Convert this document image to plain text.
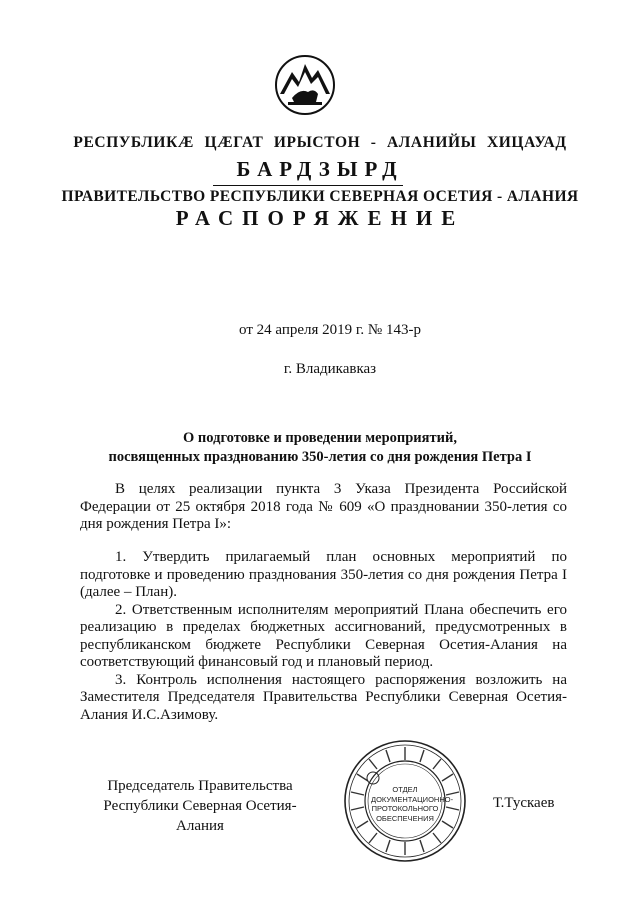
РЕСПУБЛИКÆ ЦÆГАТ ИРЫСТОН - АЛАНИЙЫ ХИЦАУАД
БАРДЗЫРД
ПРАВИТЕЛЬСТВО РЕСПУБЛИКИ СЕВЕРНАЯ ОСЕТИЯ - АЛАНИЯ
РАСПОРЯЖЕНИЕ
от 24 апреля 2019 г. № 143-р
г. Владикавказ
О подготовке и проведении мероприятий,
посвященных празднованию 350-летия со дня рождения Петра I
В целях реализации пункта 3 Указа Президента Российской Федерации от 25 октября 2018 года № 609 «О праздновании 350-летия со дня рождения Петра I»:

1. Утвердить прилагаемый план основных мероприятий по подготовке и проведению празднования 350-летия со дня рождения Петра I (далее – План).

2. Ответственным исполнителям мероприятий Плана обеспечить его реализацию в пределах бюджетных ассигнований, предусмотренных в республиканском бюджете Республики Северная Осетия-Алания на соответствующий финансовый год и плановый период.

3. Контроль исполнения настоящего распоряжения возложить на Заместителя Председателя Правительства Республики Северная Осетия-Алания И.С.Азимову.

Председатель Правительства
Республики Северная Осетия-Алания
ОТДЕЛ
ДОКУМЕНТАЦИОННО-
ПРОТОКОЛЬНОГО
ОБЕСПЕЧЕНИЯ
Т.Тускаев
